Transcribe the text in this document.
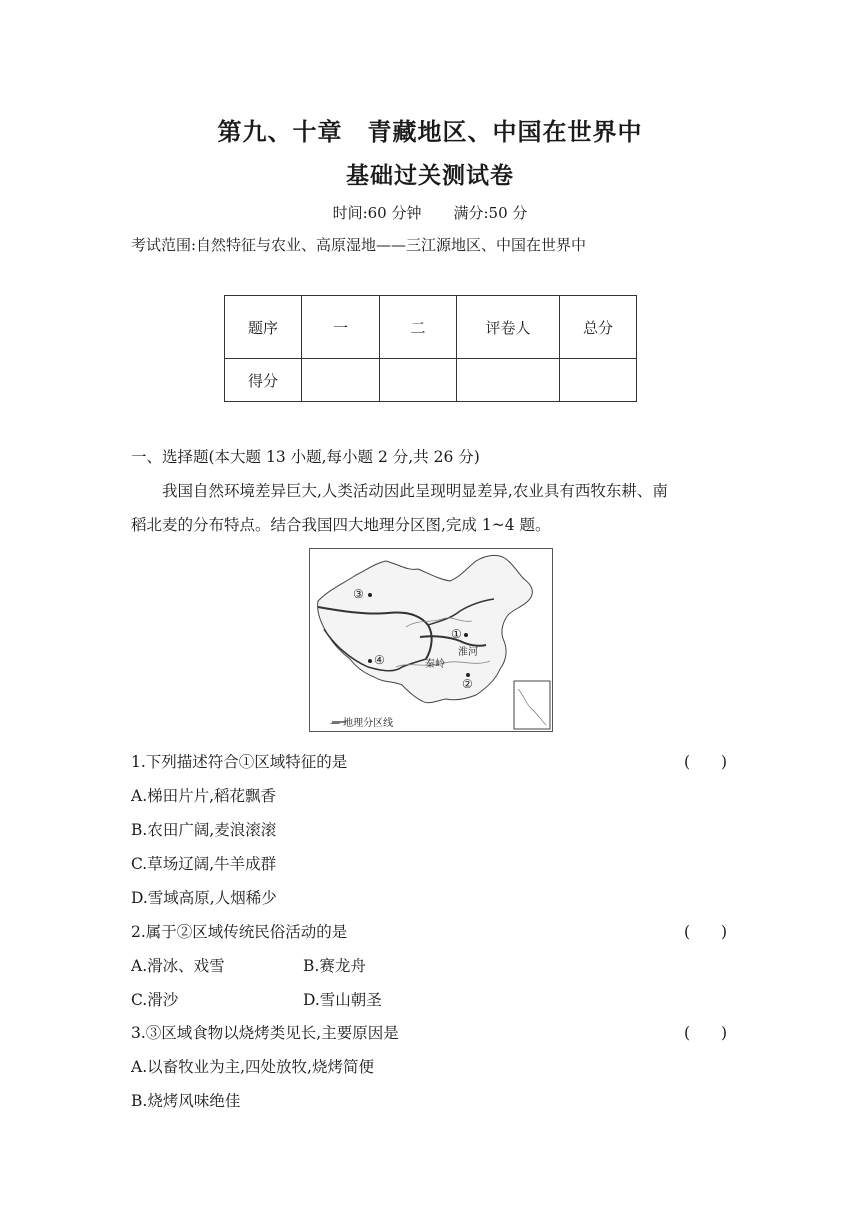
第九、十章　青藏地区、中国在世界中
基础过关测试卷
时间:60 分钟 满分:50 分
考试范围:自然特征与农业、高原湿地——三江源地区、中国在世界中
题序	一	二	评卷人	总分
得分				
一、选择题(本大题 13 小题,每小题 2 分,共 26 分)
我国自然环境差异巨大,人类活动因此呈现明显差异,农业具有西牧东耕、南
稻北麦的分布特点。结合我国四大地理分区图,完成 1~4 题。
③
①
②
④
淮河
秦岭
— 地理分区线
1.下列描述符合①区域特征的是	(　　)
A.梯田片片,稻花飘香
B.农田广阔,麦浪滚滚
C.草场辽阔,牛羊成群
D.雪域高原,人烟稀少
2.属于②区域传统民俗活动的是	(　　)
A.滑冰、戏雪	B.赛龙舟
C.滑沙	D.雪山朝圣
3.③区域食物以烧烤类见长,主要原因是	(　　)
A.以畜牧业为主,四处放牧,烧烤简便
B.烧烤风味绝佳
